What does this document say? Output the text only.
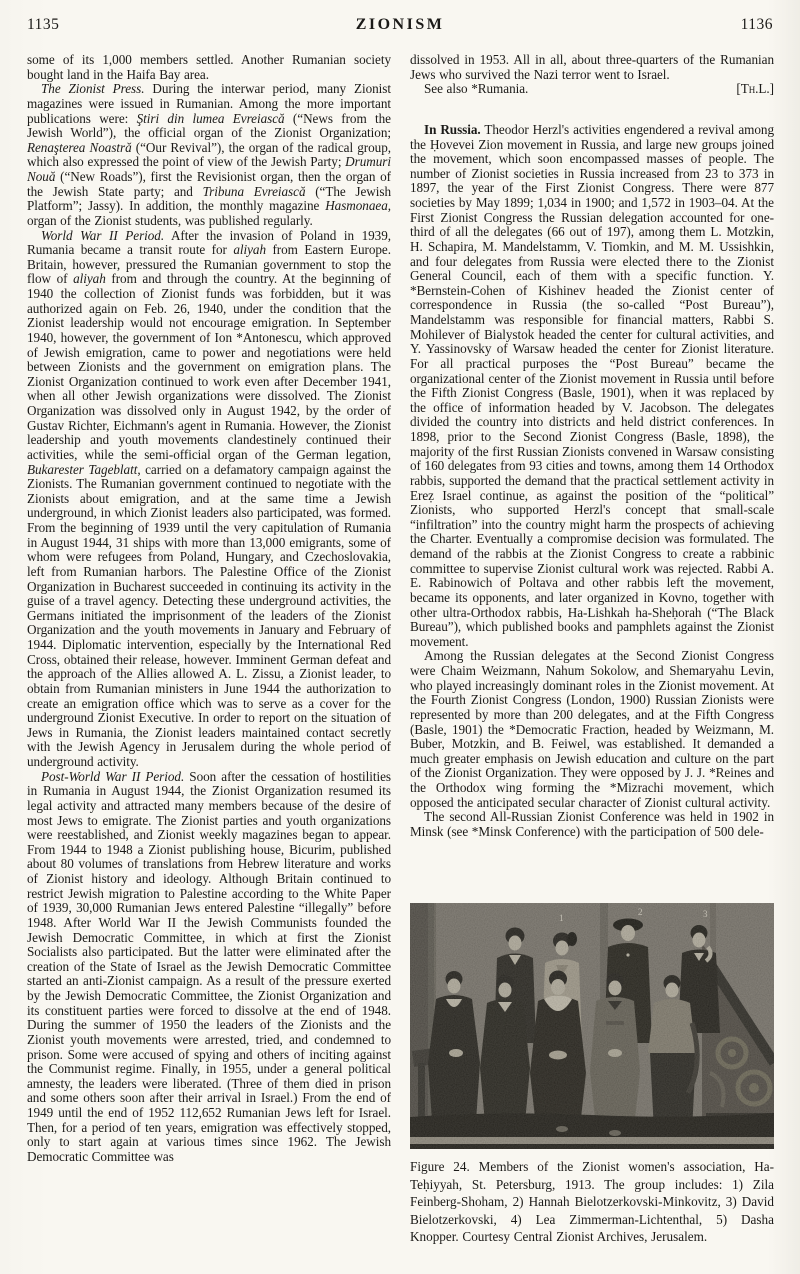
1135	ZIONISM	1136

some of its 1,000 members settled. Another Rumanian society bought land in the Haifa Bay area.

The Zionist Press. During the interwar period, many Zionist magazines were issued in Rumanian. Among the more important publications were: Ştiri din lumea Evreiască (“News from the Jewish World”), the official organ of the Zionist Organization; Renaşterea Noastră (“Our Revival”), the organ of the radical group, which also expressed the point of view of the Jewish Party; Drumuri Nouă (“New Roads”), first the Revisionist organ, then the organ of the Jewish State party; and Tribuna Evreiască (“The Jewish Platform”; Jassy). In addition, the monthly magazine Hasmonaea, organ of the Zionist students, was published regularly.

World War II Period. After the invasion of Poland in 1939, Rumania became a transit route for aliyah from Eastern Europe. Britain, however, pressured the Rumanian government to stop the flow of aliyah from and through the country. At the beginning of 1940 the collection of Zionist funds was forbidden, but it was authorized again on Feb. 26, 1940, under the condition that the Zionist leadership would not encourage emigration. In September 1940, however, the government of Ion *Antonescu, which approved of Jewish emigration, came to power and negotiations were held between Zionists and the government on emigration plans. The Zionist Organization continued to work even after December 1941, when all other Jewish organizations were dissolved. The Zionist Organization was dissolved only in August 1942, by the order of Gustav Richter, Eichmann's agent in Rumania. However, the Zionist leadership and youth movements clandestinely continued their activities, while the semi-official organ of the German legation, Bukarester Tageblatt, carried on a defamatory campaign against the Zionists. The Rumanian government continued to negotiate with the Zionists about emigration, and at the same time a Jewish underground, in which Zionist leaders also participated, was formed. From the beginning of 1939 until the very capitulation of Rumania in August 1944, 31 ships with more than 13,000 emigrants, some of whom were refugees from Poland, Hungary, and Czechoslovakia, left from Rumanian harbors. The Palestine Office of the Zionist Organization in Bucharest succeeded in continuing its activity in the guise of a travel agency. Detecting these underground activities, the Germans initiated the imprisonment of the leaders of the Zionist Organization and the youth movements in January and February of 1944. Diplomatic intervention, especially by the International Red Cross, obtained their release, however. Imminent German defeat and the approach of the Allies allowed A. L. Zissu, a Zionist leader, to obtain from Rumanian ministers in June 1944 the authorization to create an emigration office which was to serve as a cover for the underground Zionist Executive. In order to report on the situation of Jews in Rumania, the Zionist leaders maintained contact secretly with the Jewish Agency in Jerusalem during the whole period of underground activity.

Post-World War II Period. Soon after the cessation of hostilities in Rumania in August 1944, the Zionist Organization resumed its legal activity and attracted many members because of the desire of most Jews to emigrate. The Zionist parties and youth organizations were reestablished, and Zionist weekly magazines began to appear. From 1944 to 1948 a Zionist publishing house, Bicurim, published about 80 volumes of translations from Hebrew literature and works of Zionist history and ideology. Although Britain continued to restrict Jewish migration to Palestine according to the White Paper of 1939, 30,000 Rumanian Jews entered Palestine “illegally” before 1948. After World War II the Jewish Communists founded the Jewish Democratic Committee, in which at first the Zionist Socialists also participated. But the latter were eliminated after the creation of the State of Israel as the Jewish Democratic Committee started an anti-Zionist campaign. As a result of the pressure exerted by the Jewish Democratic Committee, the Zionist Organization and its constituent parties were forced to dissolve at the end of 1948. During the summer of 1950 the leaders of the Zionists and the Zionist youth movements were arrested, tried, and condemned to prison. Some were accused of spying and others of inciting against the Communist regime. Finally, in 1955, under a general political amnesty, the leaders were liberated. (Three of them died in prison and some others soon after their arrival in Israel.) From the end of 1949 until the end of 1952 112,652 Rumanian Jews left for Israel. Then, for a period of ten years, emigration was effectively stopped, only to start again at various times since 1962. The Jewish Democratic Committee was

dissolved in 1953. All in all, about three-quarters of the Rumanian Jews who survived the Nazi terror went to Israel.

See also *Rumania.	[Th.L.]

In Russia. Theodor Herzl's activities engendered a revival among the Ḥovevei Zion movement in Russia, and large new groups joined the movement, which soon encompassed masses of people. The number of Zionist societies in Russia increased from 23 to 373 in 1897, the year of the First Zionist Congress. There were 877 societies by May 1899; 1,034 in 1900; and 1,572 in 1903–04. At the First Zionist Congress the Russian delegation accounted for one-third of all the delegates (66 out of 197), among them L. Motzkin, H. Schapira, M. Mandelstamm, V. Tiomkin, and M. M. Ussishkin, and four delegates from Russia were elected there to the Zionist General Council, each of them with a specific function. Y. *Bernstein-Cohen of Kishinev headed the Zionist center of correspondence in Russia (the so-called “Post Bureau”), Mandelstamm was responsible for financial matters, Rabbi S. Mohilever of Bialystok headed the center for cultural activities, and Y. Yassinovsky of Warsaw headed the center for Zionist literature. For all practical purposes the “Post Bureau” became the organizational center of the Zionist movement in Russia until before the Fifth Zionist Congress (Basle, 1901), when it was replaced by the office of information headed by V. Jacobson. The delegates divided the country into districts and held district conferences. In 1898, prior to the Second Zionist Congress (Basle, 1898), the majority of the first Russian Zionists convened in Warsaw consisting of 160 delegates from 93 cities and towns, among them 14 Orthodox rabbis, supported the demand that the practical settlement activity in Ereẓ Israel continue, as against the position of the “political” Zionists, who supported Herzl's concept that small-scale “infiltration” into the country might harm the prospects of achieving the Charter. Eventually a compromise decision was formulated. The demand of the rabbis at the Zionist Congress to create a rabbinic committee to supervise Zionist cultural work was rejected. Rabbi A. E. Rabinowich of Poltava and other rabbis left the movement, became its opponents, and later organized in Kovno, together with other ultra-Orthodox rabbis, Ha-Lishkah ha-Sheḥorah (“The Black Bureau”), which published books and pamphlets against the Zionist movement.

Among the Russian delegates at the Second Zionist Congress were Chaim Weizmann, Nahum Sokolow, and Shemaryahu Levin, who played increasingly dominant roles in the Zionist movement. At the Fourth Zionist Congress (London, 1900) Russian Zionists were represented by more than 200 delegates, and at the Fifth Congress (Basle, 1901) the *Democratic Fraction, headed by Weizmann, M. Buber, Motzkin, and B. Feiwel, was established. It demanded a much greater emphasis on Jewish education and culture on the part of the Zionist Organization. They were opposed by J. J. *Reines and the Orthodox wing forming the *Mizrachi movement, which opposed the anticipated secular character of Zionist cultural activity.

The second All-Russian Zionist Conference was held in 1902 in Minsk (see *Minsk Conference) with the participation of 500 dele-

1
2	3

Figure 24. Members of the Zionist women's association, Ha-Teḥiyyah, St. Petersburg, 1913. The group includes: 1) Zila Feinberg-Shoham, 2) Hannah Bielotzerkovski-Minkovitz, 3) David Bielotzerkovski, 4) Lea Zimmerman-Lichtenthal, 5) Dasha Knopper. Courtesy Central Zionist Archives, Jerusalem.
